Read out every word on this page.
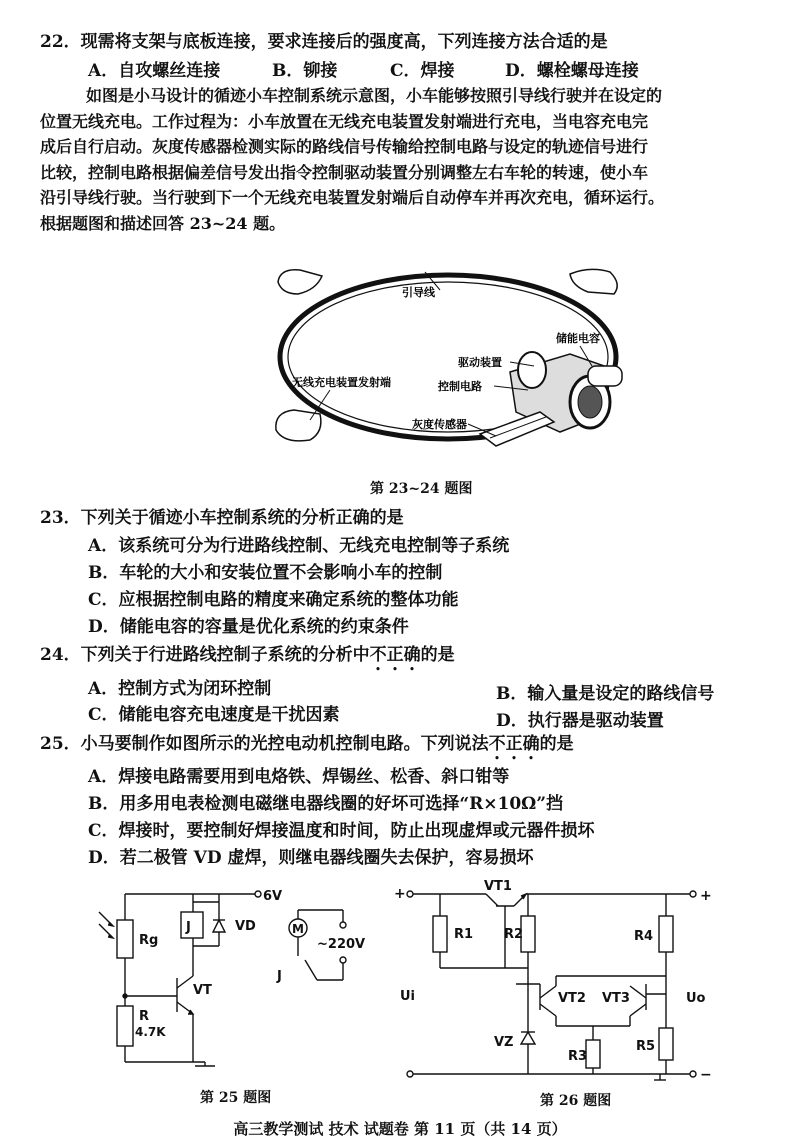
22．现需将支架与底板连接，要求连接后的强度高，下列连接方法合适的是
A．自攻螺丝连接	B．铆接	C．焊接	D．螺栓螺母连接
如图是小马设计的循迹小车控制系统示意图，小车能够按照引导线行驶并在设定的
位置无线充电。工作过程为：小车放置在无线充电装置发射端进行充电，当电容充电完
成后自行启动。灰度传感器检测实际的路线信号传输给控制电路与设定的轨迹信号进行
比较，控制电路根据偏差信号发出指令控制驱动装置分别调整左右车轮的转速，使小车
沿引导线行驶。当行驶到下一个无线充电装置发射端后自动停车并再次充电，循环运行。
根据题图和描述回答 23~24 题。
引导线
储能电容
驱动装置
控制电路
无线充电装置发射端
灰度传感器
第 23~24 题图
23．下列关于循迹小车控制系统的分析正确的是
A．该系统可分为行进路线控制、无线充电控制等子系统
B．车轮的大小和安装位置不会影响小车的控制
C．应根据控制电路的精度来确定系统的整体功能
D．储能电容的容量是优化系统的约束条件
24．下列关于行进路线控制子系统的分析中不正确的是
A．控制方式为闭环控制	B．输入量是设定的路线信号
C．储能电容充电速度是干扰因素	D．执行器是驱动装置
25．小马要制作如图所示的光控电动机控制电路。下列说法不正确的是
A．焊接电路需要用到电烙铁、焊锡丝、松香、斜口钳等
B．用多用电表检测电磁继电器线圈的好坏可选择“R×10Ω”挡
C．焊接时，要控制好焊接温度和时间，防止出现虚焊或元器件损坏
D．若二极管 VD 虚焊，则继电器线圈失去保护，容易损坏
6V
Rg
R
4.7K
VT
J	VD	M
~220V
J
第 25 题图
+	VT1
+
R1 R2	R4
Ui	Uo
VT2 VT3
R3
VZ	R5
−
第 26 题图
高三教学测试 技术 试题卷 第 11 页（共 14 页）
